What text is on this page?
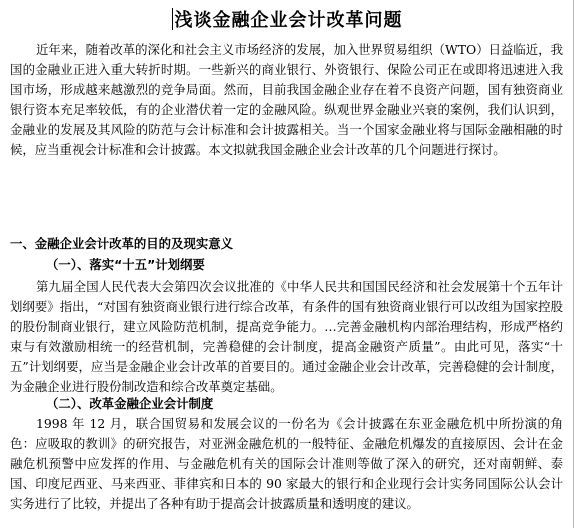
浅谈金融企业会计改革问题

近年来，随着改革的深化和社会主义市场经济的发展，加入世界贸易组织（WTO）日益临近，我国的金融业正进入重大转折时期。一些新兴的商业银行、外资银行、保险公司正在或即将迅速进入我国市场，形成越来越激烈的竞争局面。然而，目前我国金融企业存在着不良资产问题，国有独资商业银行资本充足率较低，有的企业潜伏着一定的金融风险。纵观世界金融业兴衰的案例，我们认识到，金融业的发展及其风险的防范与会计标准和会计披露相关。当一个国家金融业将与国际金融相融的时候，应当重视会计标准和会计披露。本文拟就我国金融企业会计改革的几个问题进行探讨。

一、金融企业会计改革的目的及现实意义

（一）、落实“十五”计划纲要

第九届全国人民代表大会第四次会议批准的《中华人民共和国国民经济和社会发展第十个五年计划纲要》指出，“对国有独资商业银行进行综合改革，有条件的国有独资商业银行可以改组为国家控股的股份制商业银行，建立风险防范机制，提高竞争能力。…完善金融机构内部治理结构，形成严格约束与有效激励相统一的经营机制，完善稳健的会计制度，提高金融资产质量”。由此可见，落实“十五”计划纲要，应当是金融企业会计改革的首要目的。通过金融企业会计改革，完善稳健的会计制度，为金融企业进行股份制改造和综合改革奠定基础。

（二）、改革金融企业会计制度

1998 年 12 月，联合国贸易和发展会议的一份名为《会计披露在东亚金融危机中所扮演的角色：应吸取的教训》的研究报告，对亚洲金融危机的一般特征、金融危机爆发的直接原因、会计在金融危机预警中应发挥的作用、与金融危机有关的国际会计准则等做了深入的研究，还对南朝鲜、泰国、印度尼西亚、马来西亚、菲律宾和日本的 90 家最大的银行和企业现行会计实务同国际公认会计实务进行了比较，并提出了各种有助于提高会计披露质量和透明度的建议。
